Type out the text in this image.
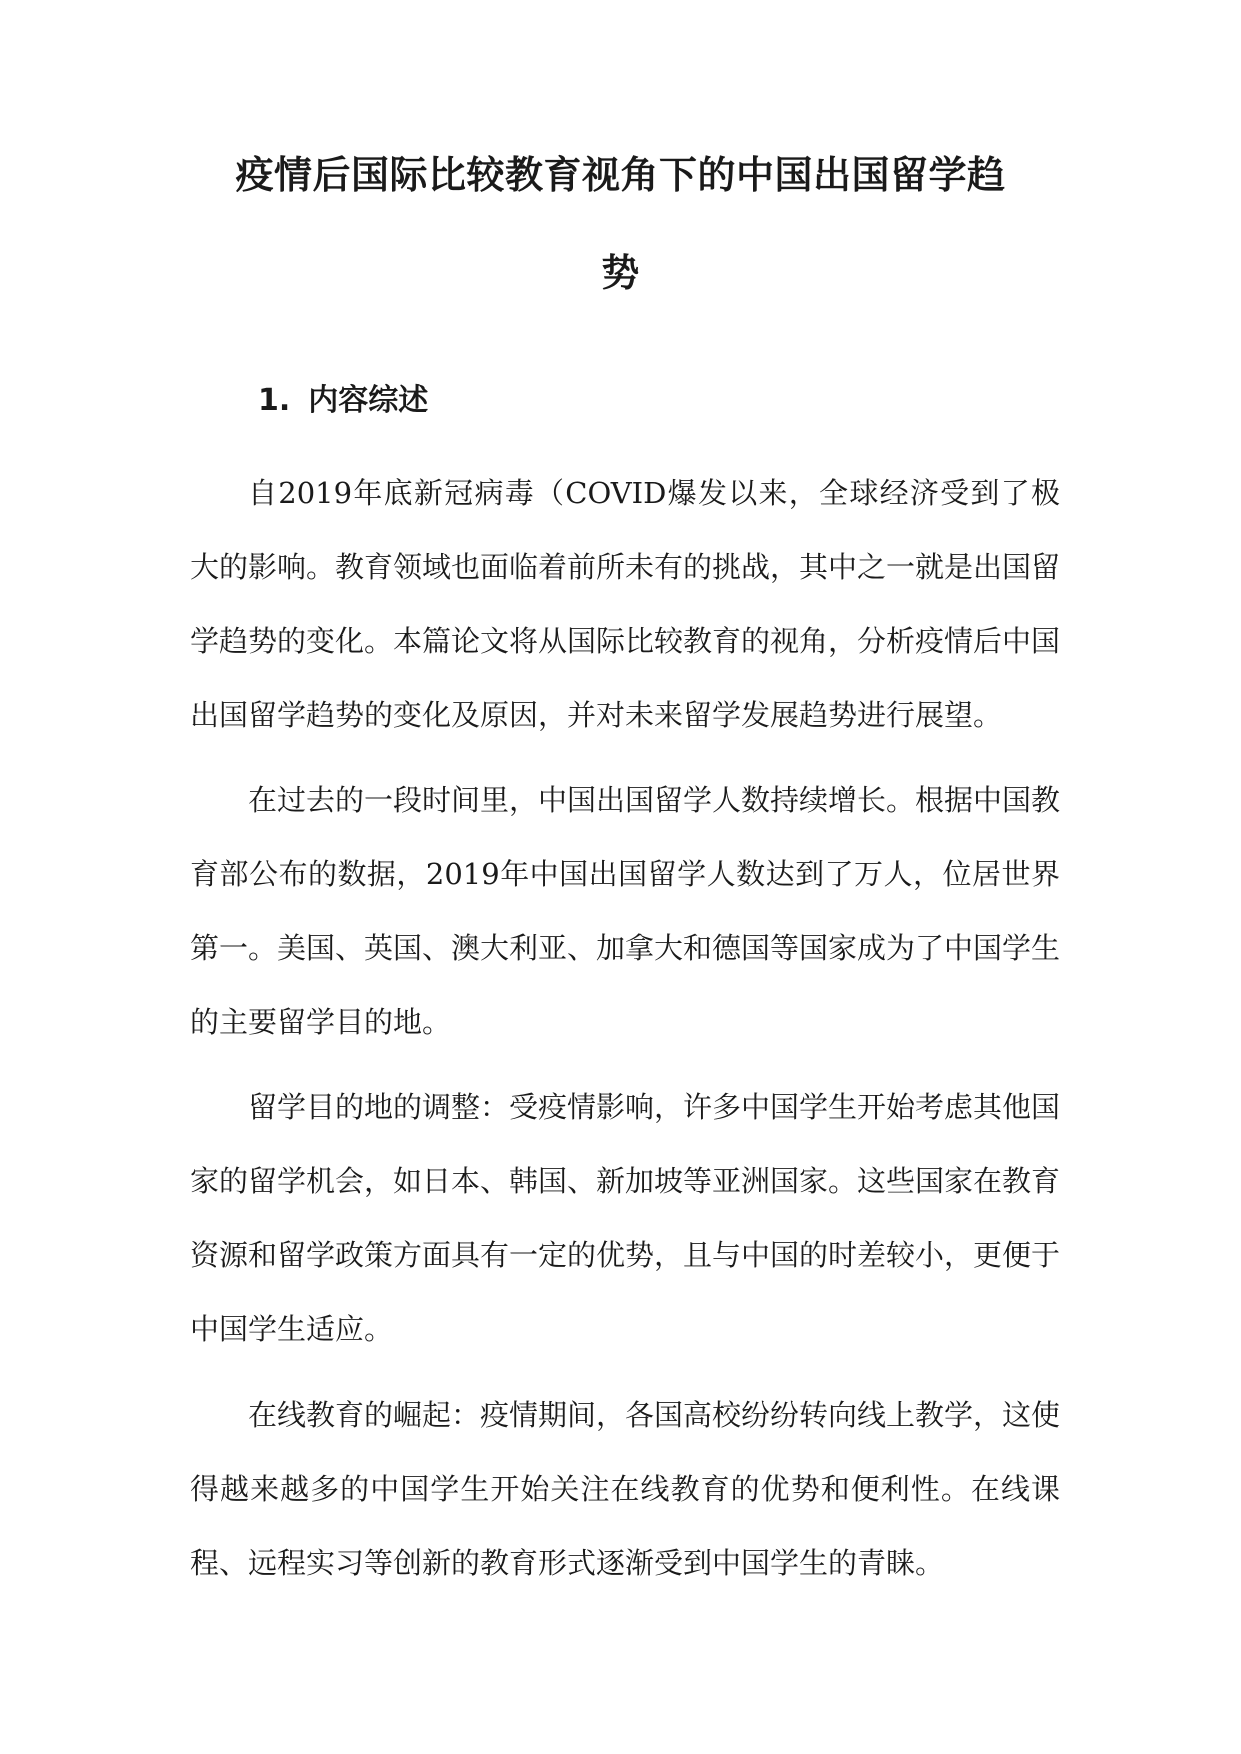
疫情后国际比较教育视角下的中国出国留学趋
势
1. 内容综述

自2019年底新冠病毒（COVID爆发以来，全球经济受到了极大的影响。教育领域也面临着前所未有的挑战，其中之一就是出国留学趋势的变化。本篇论文将从国际比较教育的视角，分析疫情后中国出国留学趋势的变化及原因，并对未来留学发展趋势进行展望。

在过去的一段时间里，中国出国留学人数持续增长。根据中国教育部公布的数据，2019年中国出国留学人数达到了万人，位居世界第一。美国、英国、澳大利亚、加拿大和德国等国家成为了中国学生的主要留学目的地。

留学目的地的调整：受疫情影响，许多中国学生开始考虑其他国家的留学机会，如日本、韩国、新加坡等亚洲国家。这些国家在教育资源和留学政策方面具有一定的优势，且与中国的时差较小，更便于中国学生适应。

在线教育的崛起：疫情期间，各国高校纷纷转向线上教学，这使得越来越多的中国学生开始关注在线教育的优势和便利性。在线课程、远程实习等创新的教育形式逐渐受到中国学生的青睐。
